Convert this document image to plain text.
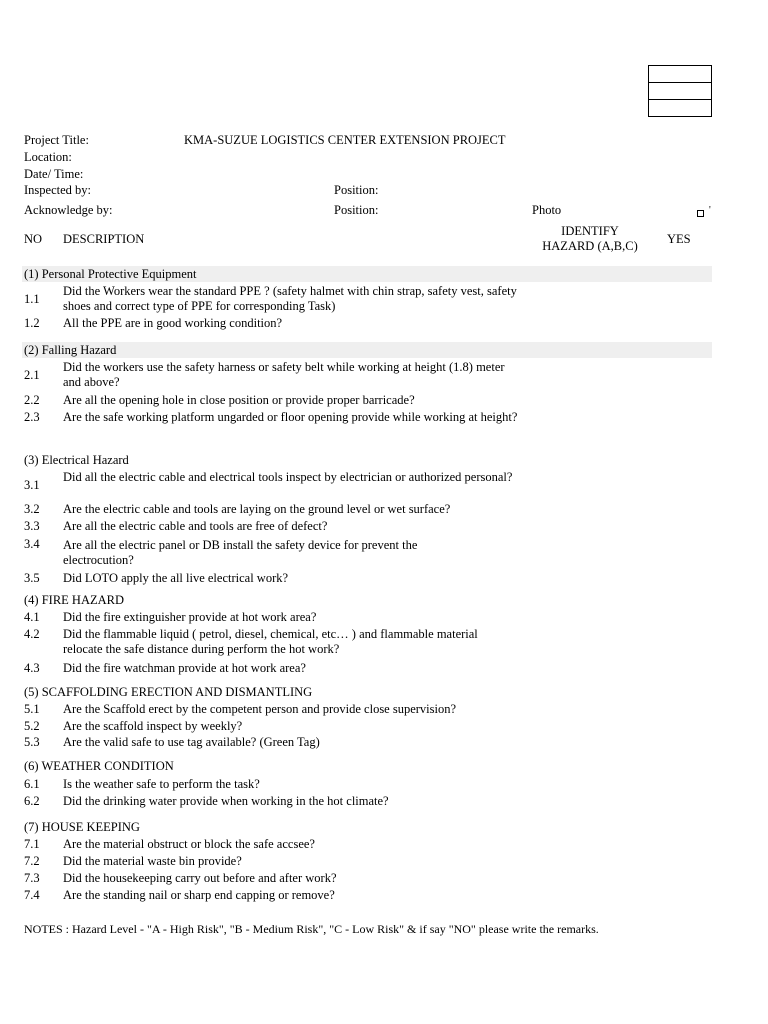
Project Title:	KMA-SUZUE LOGISTICS CENTER EXTENSION PROJECT
Location:
Date/ Time:
Inspected by:	Position:
Acknowledge by:	Position:	Photo	'
NO DESCRIPTION
IDENTIFY
HAZARD (A,B,C)	YES
(1) Personal Protective Equipment
1.1
Did the Workers wear the standard PPE ? (safety halmet with chin strap, safety vest, safety shoes and correct type of PPE for corresponding Task)
1.2 All the PPE are in good working condition?
(2) Falling Hazard
2.1
Did the workers use the safety harness or safety belt while working at height (1.8) meter and above?
2.2 Are all the opening hole in close position or provide proper barricade?
2.3 Are the safe working platform ungarded or floor opening provide while working at height?
(3) Electrical Hazard
3.1
Did all the electric cable and electrical tools inspect by electrician or authorized personal?
3.2 Are the electric cable and tools are laying on the ground level or wet surface?
3.3 Are all the electric cable and tools are free of defect?
3.4 Are all the electric panel or DB install the safety device for prevent the electrocution?
3.5 Did LOTO apply the all live electrical work?
(4) FIRE HAZARD
4.1 Did the fire extinguisher provide at hot work area?
4.2 Did the flammable liquid ( petrol, diesel, chemical, etc… ) and flammable material relocate the safe distance during perform the hot work?
4.3 Did the fire watchman provide at hot work area?
(5) SCAFFOLDING ERECTION AND DISMANTLING
5.1 Are the Scaffold erect by the competent person and provide close supervision?
5.2 Are the scaffold inspect by weekly?
5.3 Are the valid safe to use tag available? (Green Tag)
(6) WEATHER CONDITION
6.1 Is the weather safe to perform the task?
6.2 Did the drinking water provide when working in the hot climate?
(7) HOUSE KEEPING
7.1 Are the material obstruct or block the safe accsee?
7.2 Did the material waste bin provide?
7.3 Did the housekeeping carry out before and after work?
7.4 Are the standing nail or sharp end capping or remove?
NOTES : Hazard Level - "A - High Risk", "B - Medium Risk", "C - Low Risk" & if say "NO" please write the remarks.
